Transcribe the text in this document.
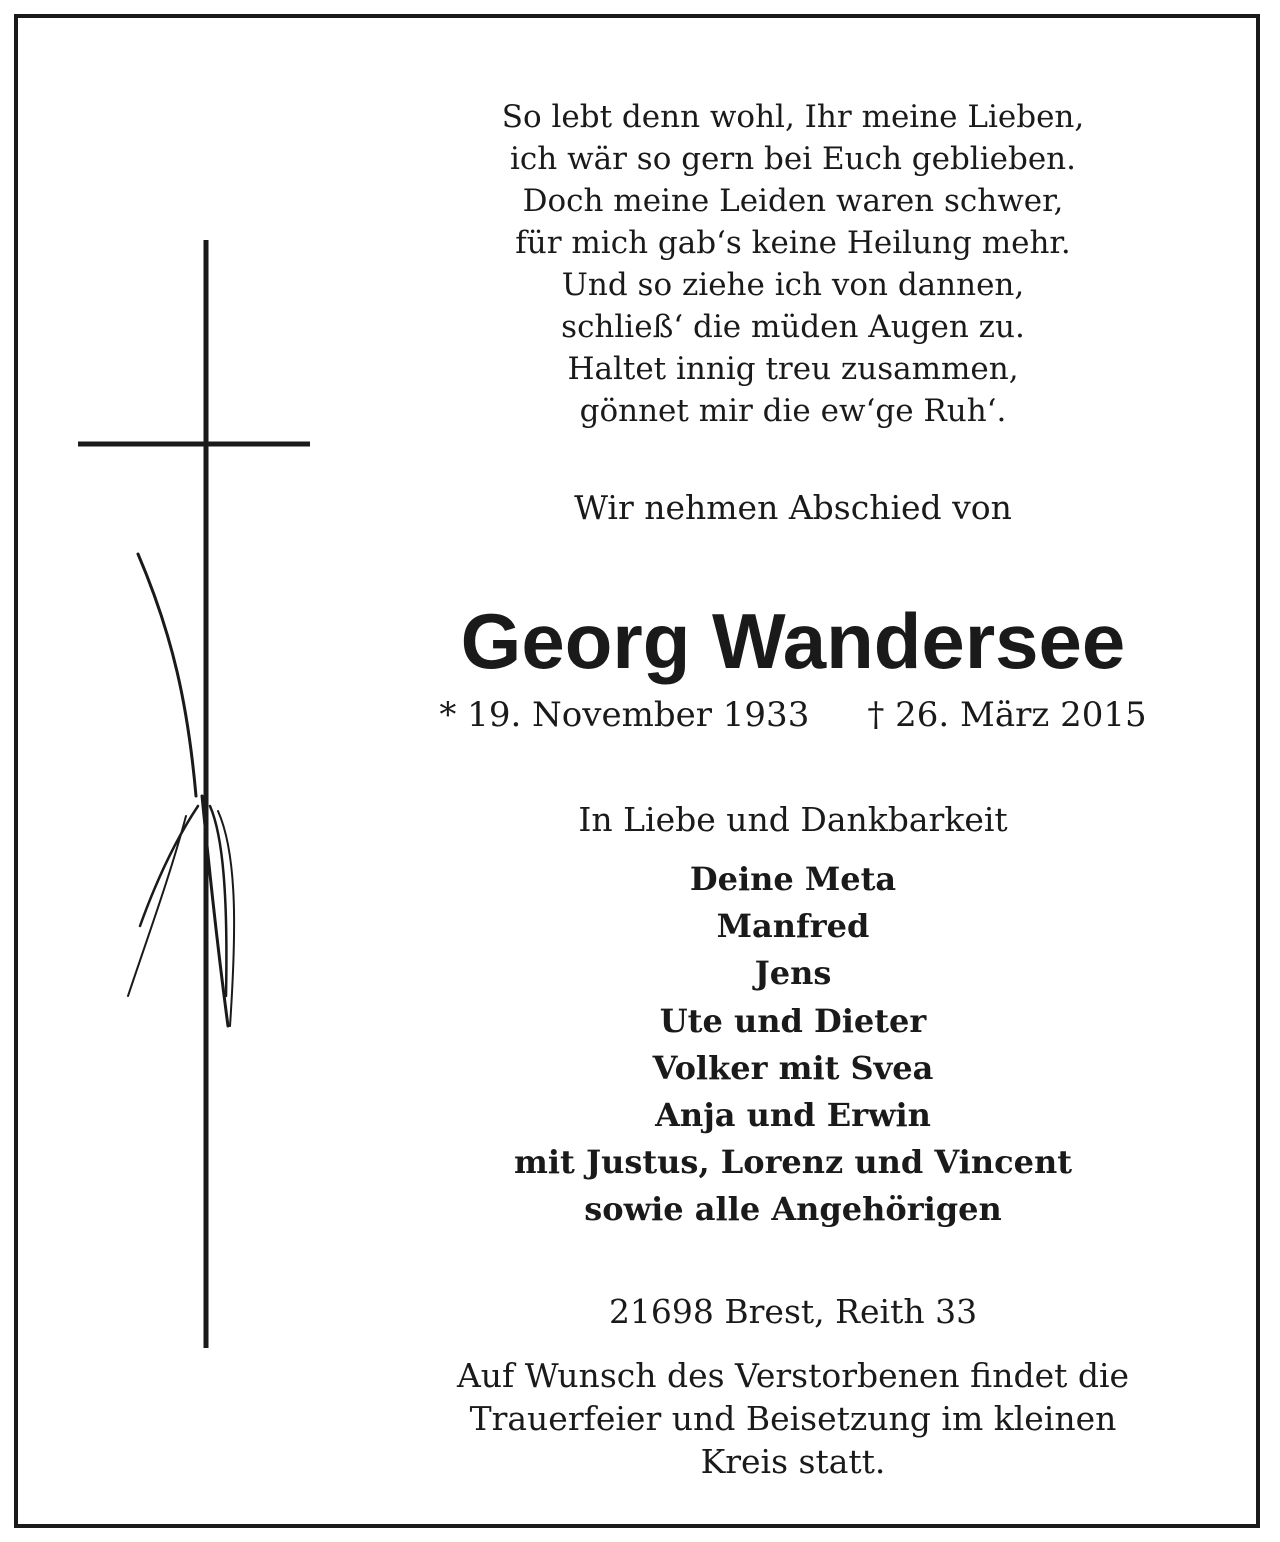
So lebt denn wohl, Ihr meine Lieben,
ich wär so gern bei Euch geblieben.
Doch meine Leiden waren schwer,
für mich gab‘s keine Heilung mehr.
Und so ziehe ich von dannen,
schließ‘ die müden Augen zu.
Haltet innig treu zusammen,
gönnet mir die ew‘ge Ruh‘.
Wir nehmen Abschied von
Georg Wandersee
* 19. November 1933 † 26. März 2015
In Liebe und Dankbarkeit
Deine Meta
Manfred
Jens
Ute und Dieter
Volker mit Svea
Anja und Erwin
mit Justus, Lorenz und Vincent
sowie alle Angehörigen
21698 Brest, Reith 33
Auf Wunsch des Verstorbenen findet die
Trauerfeier und Beisetzung im kleinen
Kreis statt.
